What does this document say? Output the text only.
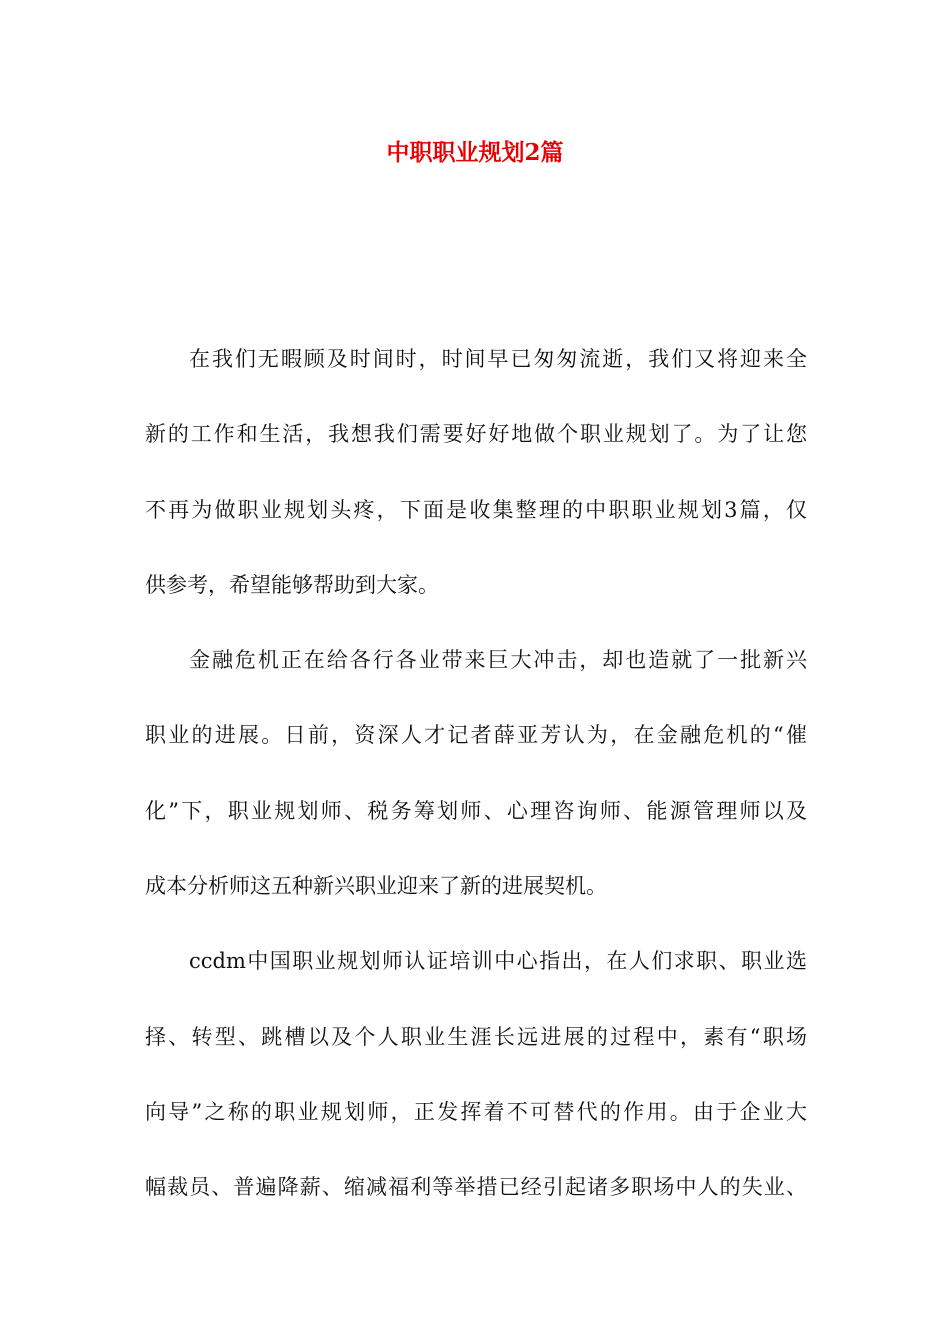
中职职业规划2篇
在我们无暇顾及时间时，时间早已匆匆流逝，我们又将迎来全
新的工作和生活，我想我们需要好好地做个职业规划了。为了让您
不再为做职业规划头疼，下面是收集整理的中职职业规划3篇，仅
供参考，希望能够帮助到大家。
金融危机正在给各行各业带来巨大冲击，却也造就了一批新兴
职业的进展。日前，资深人才记者薛亚芳认为，在金融危机的“催
化”下，职业规划师、税务筹划师、心理咨询师、能源管理师以及
成本分析师这五种新兴职业迎来了新的进展契机。
ccdm中国职业规划师认证培训中心指出，在人们求职、职业选
择、转型、跳槽以及个人职业生涯长远进展的过程中，素有“职场
向导”之称的职业规划师，正发挥着不可替代的作用。由于企业大
幅裁员、普遍降薪、缩减福利等举措已经引起诸多职场中人的失业、
